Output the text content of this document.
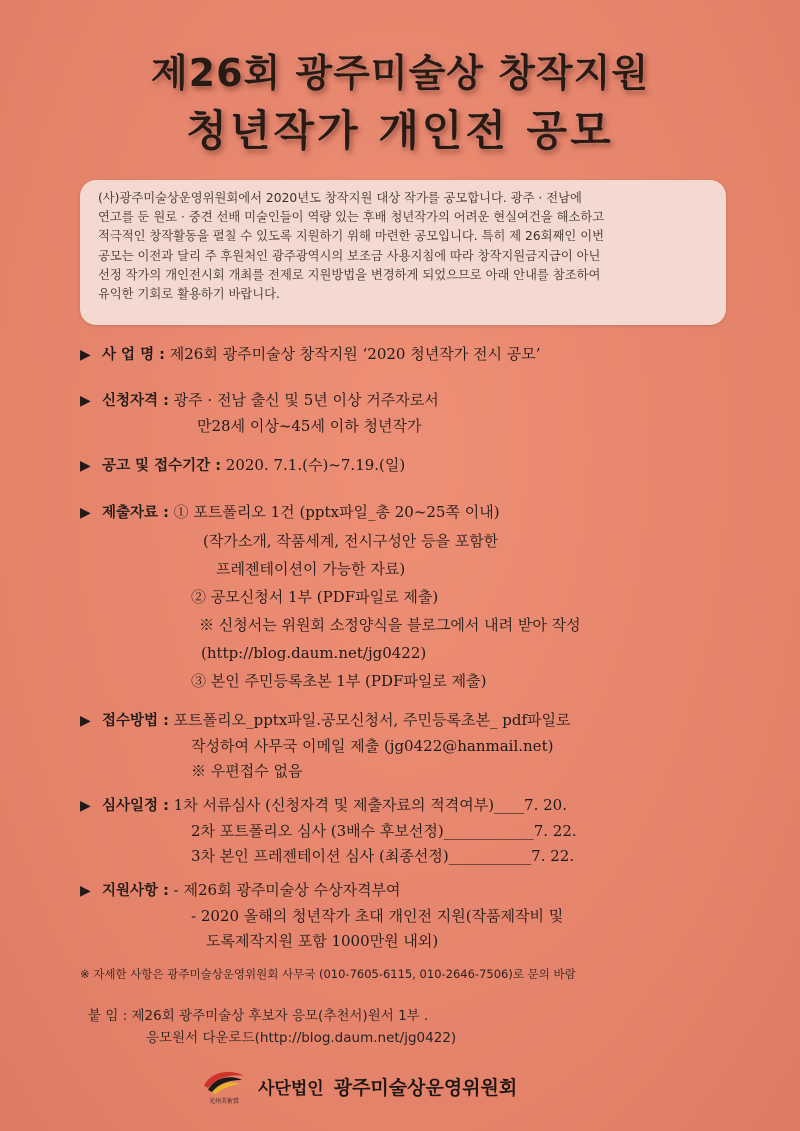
제26회 광주미술상 창작지원
청년작가 개인전 공모

(사)광주미술상운영위원회에서 2020년도 창작지원 대상 작가를 공모합니다. 광주 · 전남에

연고를 둔 원로 · 중견 선배 미술인들이 역량 있는 후배 청년작가의 어려운 현실여건을 해소하고

적극적인 창작활동을 펼칠 수 있도록 지원하기 위해 마련한 공모입니다. 특히 제 26회째인 이번

공모는 이전과 달리 주 후원처인 광주광역시의 보조금 사용지침에 따라 창작지원금지급이 아닌

선정 작가의 개인전시회 개최를 전제로 지원방법을 변경하게 되었으므로 아래 안내를 참조하여

유익한 기회로 활용하기 바랍니다.

▶ 사 업 명 : 제26회 광주미술상 창작지원 ‘2020 청년작가 전시 공모’
▶ 신청자격 : 광주 · 전남 출신 및 5년 이상 거주자로서
만28세 이상~45세 이하 청년작가
▶ 공고 및 접수기간 : 2020. 7.1.(수)~7.19.(일)
▶ 제출자료 : ① 포트폴리오 1건 (pptx파일_총 20~25쪽 이내)
(작가소개, 작품세계, 전시구성안 등을 포함한
프레젠테이션이 가능한 자료)
② 공모신청서 1부 (PDF파일로 제출)
※ 신청서는 위원회 소정양식을 블로그에서 내려 받아 작성
(http://blog.daum.net/jg0422)
③ 본인 주민등록초본 1부 (PDF파일로 제출)
▶ 접수방법 : 포트폴리오_pptx파일.공모신청서, 주민등록초본_ pdf파일로
작성하여 사무국 이메일 제출 (jg0422@hanmail.net)
※ 우편접수 없음
▶ 심사일정 : 1차 서류심사 (신청자격 및 제출자료의 적격여부)____7. 20.
2차 포트폴리오 심사 (3배수 후보선정)____________7. 22.
3차 본인 프레젠테이션 심사 (최종선정)___________7. 22.
▶ 지원사항 : - 제26회 광주미술상 수상자격부여
- 2020 올해의 청년작가 초대 개인전 지원(작품제작비 및
도록제작지원 포함 1000만원 내외)
※ 자세한 사항은 광주미술상운영위원회 사무국 (010-7605-6115, 010-2646-7506)로 문의 바람
붙 임 : 제26회 광주미술상 후보자 응모(추천서)원서 1부 .
응모원서 다운로드(http://blog.daum.net/jg0422)
光州美術賞
사단법인 광주미술상운영위원회
